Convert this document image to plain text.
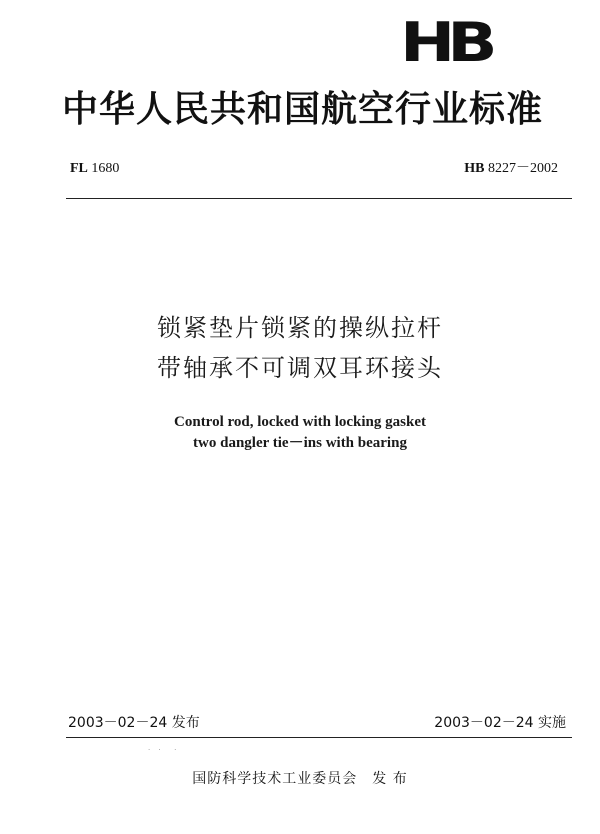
HB
中华人民共和国航空行业标准
FL 1680	HB 8227－2002
锁紧垫片锁紧的操纵拉杆
带轴承不可调双耳环接头
Control rod, locked with locking gasket
two dangler tie－ins with bearing
2003－02－24 发布	2003－02－24 实施
· ·  ·
国防科学技术工业委员会　发 布
